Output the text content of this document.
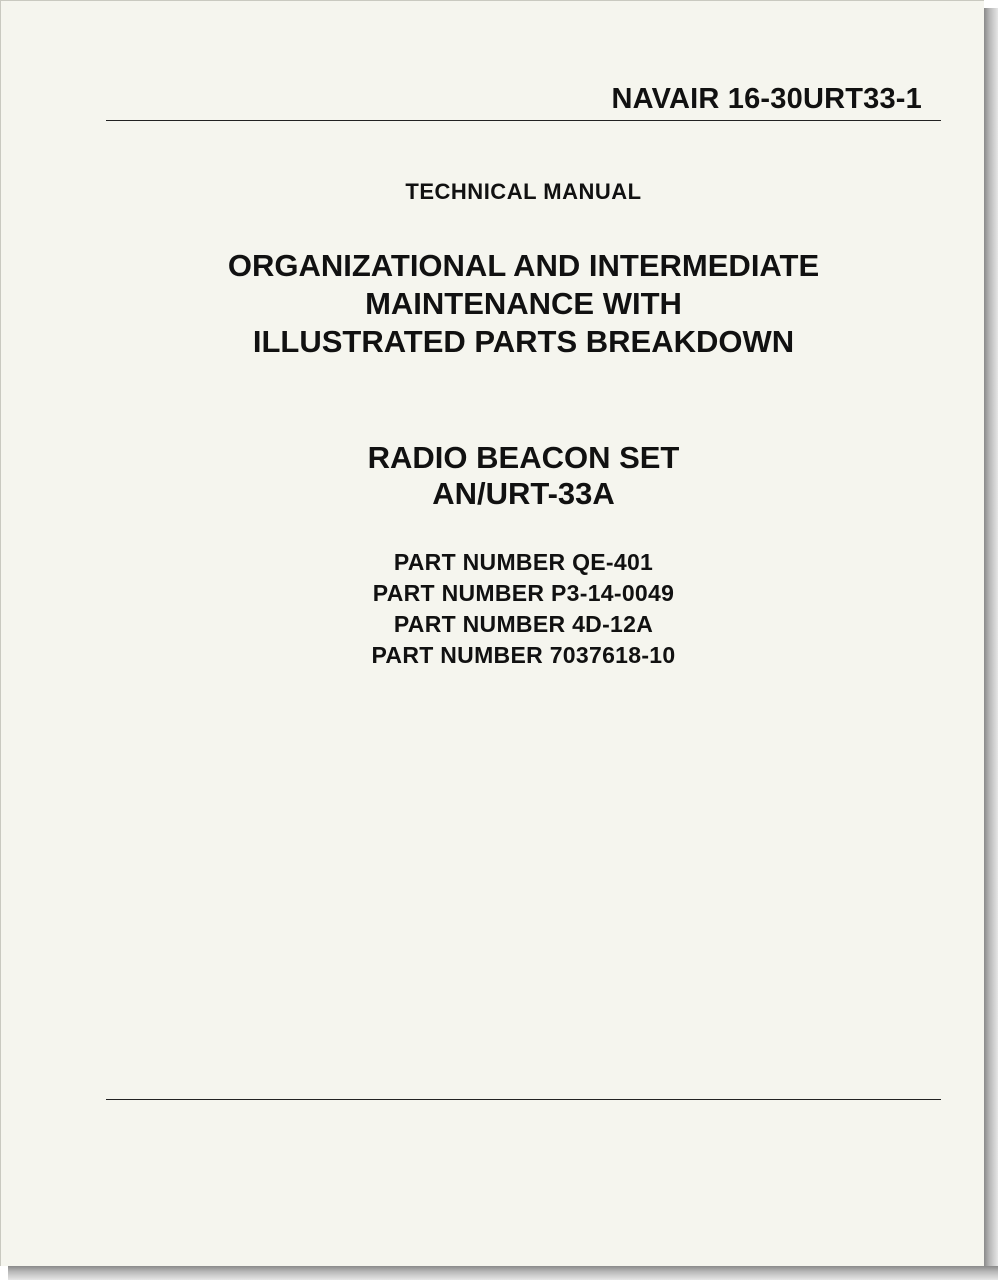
NAVAIR 16-30URT33-1
TECHNICAL MANUAL
ORGANIZATIONAL AND INTERMEDIATE
MAINTENANCE WITH
ILLUSTRATED PARTS BREAKDOWN
RADIO BEACON SET
AN/URT-33A
PART NUMBER QE-401
PART NUMBER P3-14-0049
PART NUMBER 4D-12A
PART NUMBER 7037618-10
